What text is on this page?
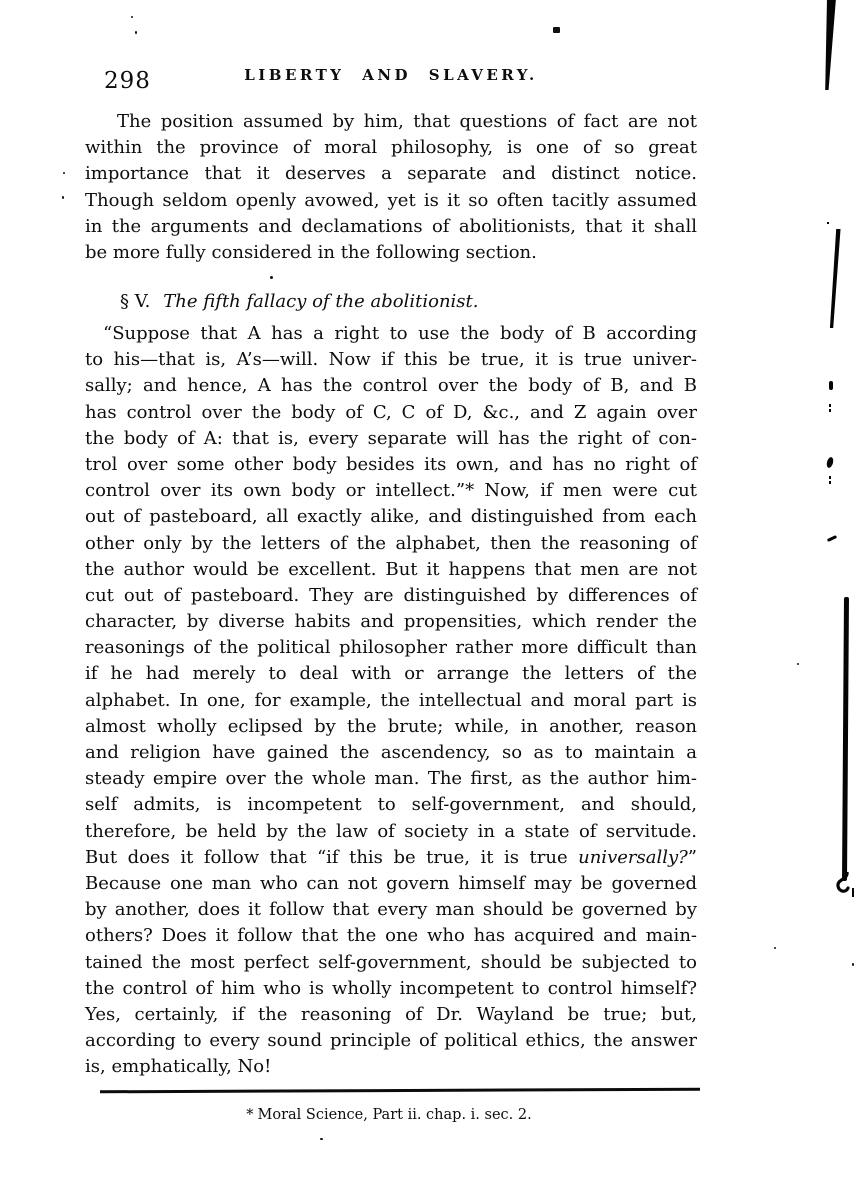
298	LIBERTY AND SLAVERY.
The position assumed by him, that questions of fact are not
within the province of moral philosophy, is one of so great
importance that it deserves a separate and distinct notice.
Though seldom openly avowed, yet is it so often tacitly assumed
in the arguments and declamations of abolitionists, that it shall
be more fully considered in the following section.
§ V. The fifth fallacy of the abolitionist.
“Suppose that A has a right to use the body of B according
to his—that is, A’s—will. Now if this be true, it is true univer-
sally; and hence, A has the control over the body of B, and B
has control over the body of C, C of D, &c., and Z again over
the body of A: that is, every separate will has the right of con-
trol over some other body besides its own, and has no right of
control over its own body or intellect.”* Now, if men were cut
out of pasteboard, all exactly alike, and distinguished from each
other only by the letters of the alphabet, then the reasoning of
the author would be excellent. But it happens that men are not
cut out of pasteboard. They are distinguished by differences of
character, by diverse habits and propensities, which render the
reasonings of the political philosopher rather more difficult than
if he had merely to deal with or arrange the letters of the
alphabet. In one, for example, the intellectual and moral part is
almost wholly eclipsed by the brute; while, in another, reason
and religion have gained the ascendency, so as to maintain a
steady empire over the whole man. The first, as the author him-
self admits, is incompetent to self-government, and should,
therefore, be held by the law of society in a state of servitude.
But does it follow that “if this be true, it is true universally?”
Because one man who can not govern himself may be governed
by another, does it follow that every man should be governed by
others? Does it follow that the one who has acquired and main-
tained the most perfect self-government, should be subjected to
the control of him who is wholly incompetent to control himself?
Yes, certainly, if the reasoning of Dr. Wayland be true; but,
according to every sound principle of political ethics, the answer
is, emphatically, No!
* Moral Science, Part ii. chap. i. sec. 2.
